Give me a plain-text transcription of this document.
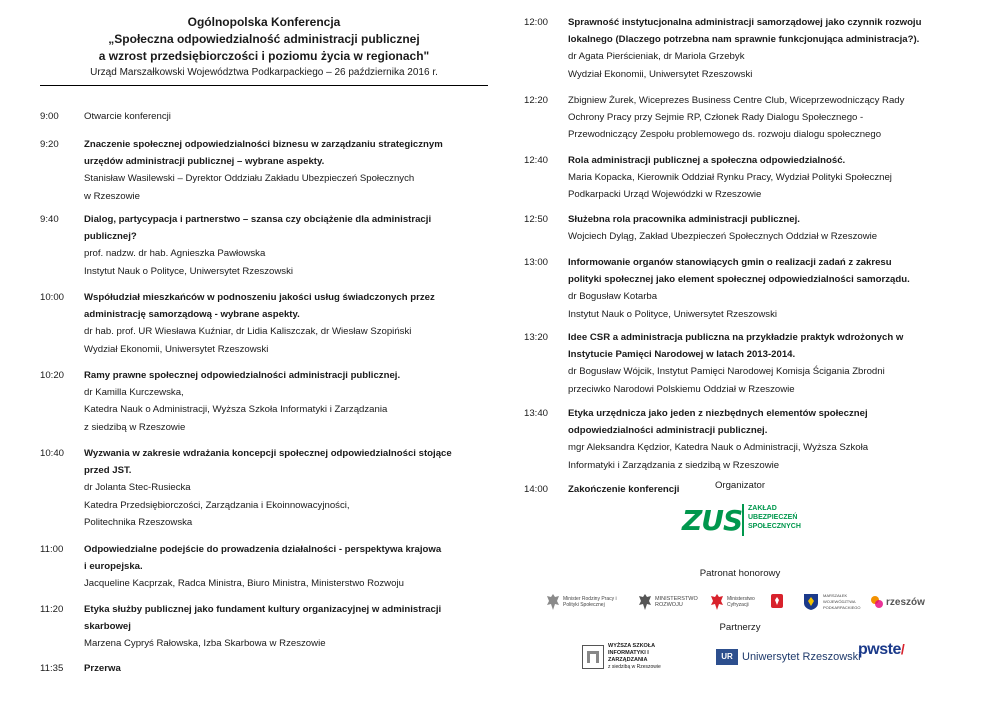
Ogólnopolska Konferencja
„Społeczna odpowiedzialność administracji publicznej
a wzrost przedsiębiorczości i poziomu życia w regionach"
Urząd Marszałkowski Województwa Podkarpackiego – 26 października 2016 r.
9:00	Otwarcie konferencji
9:20	Znaczenie społecznej odpowiedzialności biznesu w zarządzaniu strategicznym
urzędów administracji publicznej – wybrane aspekty.
Stanisław Wasilewski – Dyrektor Oddziału Zakładu Ubezpieczeń Społecznych
w Rzeszowie
9:40	Dialog, partycypacja i partnerstwo – szansa czy obciążenie dla administracji
publicznej?
prof. nadzw. dr hab. Agnieszka Pawłowska
Instytut Nauk o Polityce, Uniwersytet Rzeszowski
10:00 Współudział mieszkańców w podnoszeniu jakości usług świadczonych przez
administrację samorządową - wybrane aspekty.
dr hab. prof. UR Wiesława Kuźniar, dr Lidia Kaliszczak, dr Wiesław Szopiński
Wydział Ekonomii, Uniwersytet Rzeszowski
10:20 Ramy prawne społecznej odpowiedzialności administracji publicznej.
dr Kamilla Kurczewska,
Katedra Nauk o Administracji, Wyższa Szkoła Informatyki i Zarządzania
z siedzibą w Rzeszowie
10:40 Wyzwania w zakresie wdrażania koncepcji społecznej odpowiedzialności stojące
przed JST.
dr Jolanta Stec-Rusiecka
Katedra Przedsiębiorczości, Zarządzania i Ekoinnowacyjności,
Politechnika Rzeszowska
11:00 Odpowiedzialne podejście do prowadzenia działalności - perspektywa krajowa
i europejska.
Jacqueline Kacprzak, Radca Ministra, Biuro Ministra, Ministerstwo Rozwoju
11:20 Etyka służby publicznej jako fundament kultury organizacyjnej w administracji
skarbowej
Marzena Cypryś Rałowska, Izba Skarbowa w Rzeszowie
11:35 Przerwa
12:00 Sprawność instytucjonalna administracji samorządowej jako czynnik rozwoju
lokalnego (Dlaczego potrzebna nam sprawnie funkcjonująca administracja?).
dr Agata Pierścieniak, dr Mariola Grzebyk
Wydział Ekonomii, Uniwersytet Rzeszowski
12:20 Zbigniew Żurek, Wiceprezes Business Centre Club, Wiceprzewodniczący Rady
Ochrony Pracy przy Sejmie RP, Członek Rady Dialogu Społecznego -
Przewodniczący Zespołu problemowego ds. rozwoju dialogu społecznego
12:40 Rola administracji publicznej a społeczna odpowiedzialność.
Maria Kopacka, Kierownik Oddział Rynku Pracy, Wydział Polityki Społecznej
Podkarpacki Urząd Wojewódzki w Rzeszowie
12:50 Służebna rola pracownika administracji publicznej.
Wojciech Dyląg, Zakład Ubezpieczeń Społecznych Oddział w Rzeszowie
13:00 Informowanie organów stanowiących gmin o realizacji zadań z zakresu
polityki społecznej jako element społecznej odpowiedzialności samorządu.
dr Bogusław Kotarba
Instytut Nauk o Polityce, Uniwersytet Rzeszowski
13:20 Idee CSR a administracja publiczna na przykładzie praktyk wdrożonych w
Instytucie Pamięci Narodowej w latach 2013-2014.
dr Bogusław Wójcik, Instytut Pamięci Narodowej Komisja Ścigania Zbrodni
przeciwko Narodowi Polskiemu Oddział w Rzeszowie
13:40 Etyka urzędnicza jako jeden z niezbędnych elementów społecznej
odpowiedzialności administracji publicznej.
mgr Aleksandra Kędzior, Katedra Nauk o Administracji, Wyższa Szkoła
Informatyki i Zarządzania z siedzibą w Rzeszowie
14:00 Zakończenie konferencji	Organizator
ZUS ZAKŁAD
UBEZPIECZEŃ
SPOŁECZNYCH
Patronat honorowy
Minister Rodziny Pracy i Polityki Społecznej
MINISTERSTWO ROZWOJU
Ministerstwo Cyfryzacji
MARSZAŁEK WOJEWÓDZTWA PODKARPACKIEGO	rzeszów
Partnerzy
WYŻSZA SZKOŁA INFORMATYKI I ZARZĄDZANIA
z siedzibą w Rzeszowie
UR Uniwersytet Rzeszowski
pwste/
